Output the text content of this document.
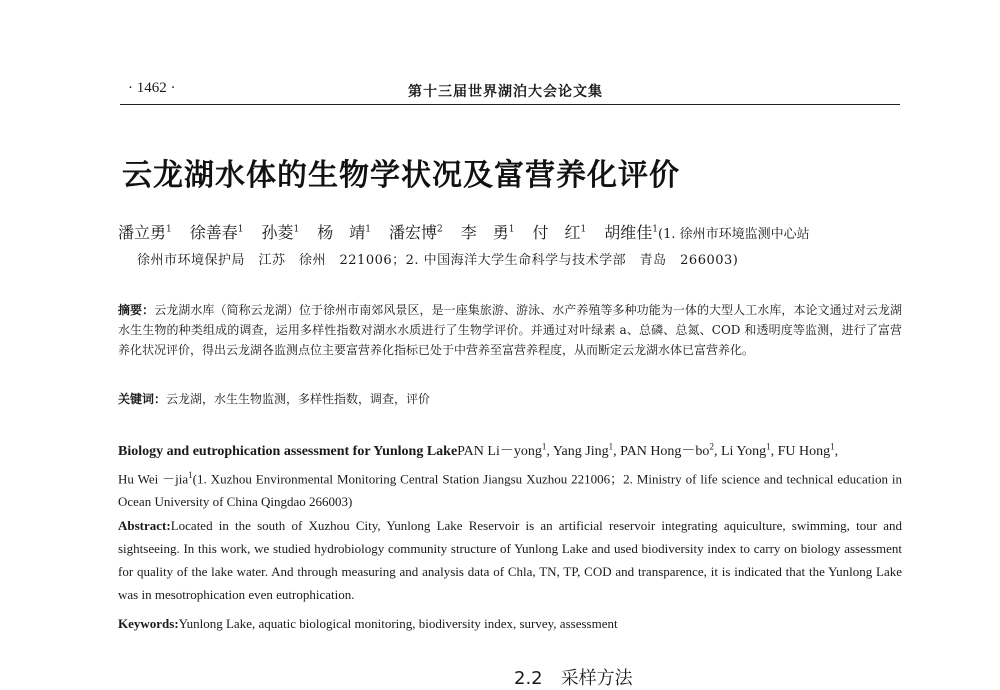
· 1462 ·	第十三届世界湖泊大会论文集
云龙湖水体的生物学状况及富营养化评价
潘立勇$^1$ 徐善春$^1$ 孙菱$^1$ 杨　靖$^1$ 潘宏博$^2$ 李　勇$^1$ 付　红$^1$ 胡维佳$^1$(1. 徐州市环境监测中心站
徐州市环境保护局　江苏　徐州　221006；2. 中国海洋大学生命科学与技术学部　青岛　266003)
摘要：云龙湖水库（简称云龙湖）位于徐州市南郊风景区，是一座集旅游、游泳、水产养殖等多种功能为一体的大型人工水库，本论文通过对云龙湖水生生物的种类组成的调查，运用多样性指数对湖水水质进行了生物学评价。并通过对叶绿素 a、总磷、总氮、COD 和透明度等监测，进行了富营养化状况评价，得出云龙湖各监测点位主要富营养化指标已处于中营养至富营养程度，从而断定云龙湖水体已富营养化。
关键词：云龙湖，水生生物监测，多样性指数，调查，评价
Biology and eutrophication assessment for Yunlong LakePAN Li－yong$^1$, Yang Jing$^1$, PAN $Hong-bo^2$, Li Yong$^1$, FU Hong$^1$,
Hu Wei －jia$^1$(1. Xuzhou Environmental Monitoring Central Station Jiangsu Xuzhou 221006；2. Ministry of life science and technical education in Ocean University of China Qingdao 266003)
Abstract:Located in the south of Xuzhou City, Yunlong Lake Reservoir is an artificial reservoir integrating aquiculture, swimming, tour and sightseeing. In this work, we studied hydrobiology community structure of Yunlong Lake and used biodiversity index to carry on biology assessment for quality of the lake water. And through measuring and analysis data of Chla, TN, TP, COD and transparence, it is indicated that the Yunlong Lake was in mesotrophication even eutrophication.
Keywords:Yunlong Lake, aquatic biological monitoring, biodiversity index, survey, assessment
2.2　采样方法
